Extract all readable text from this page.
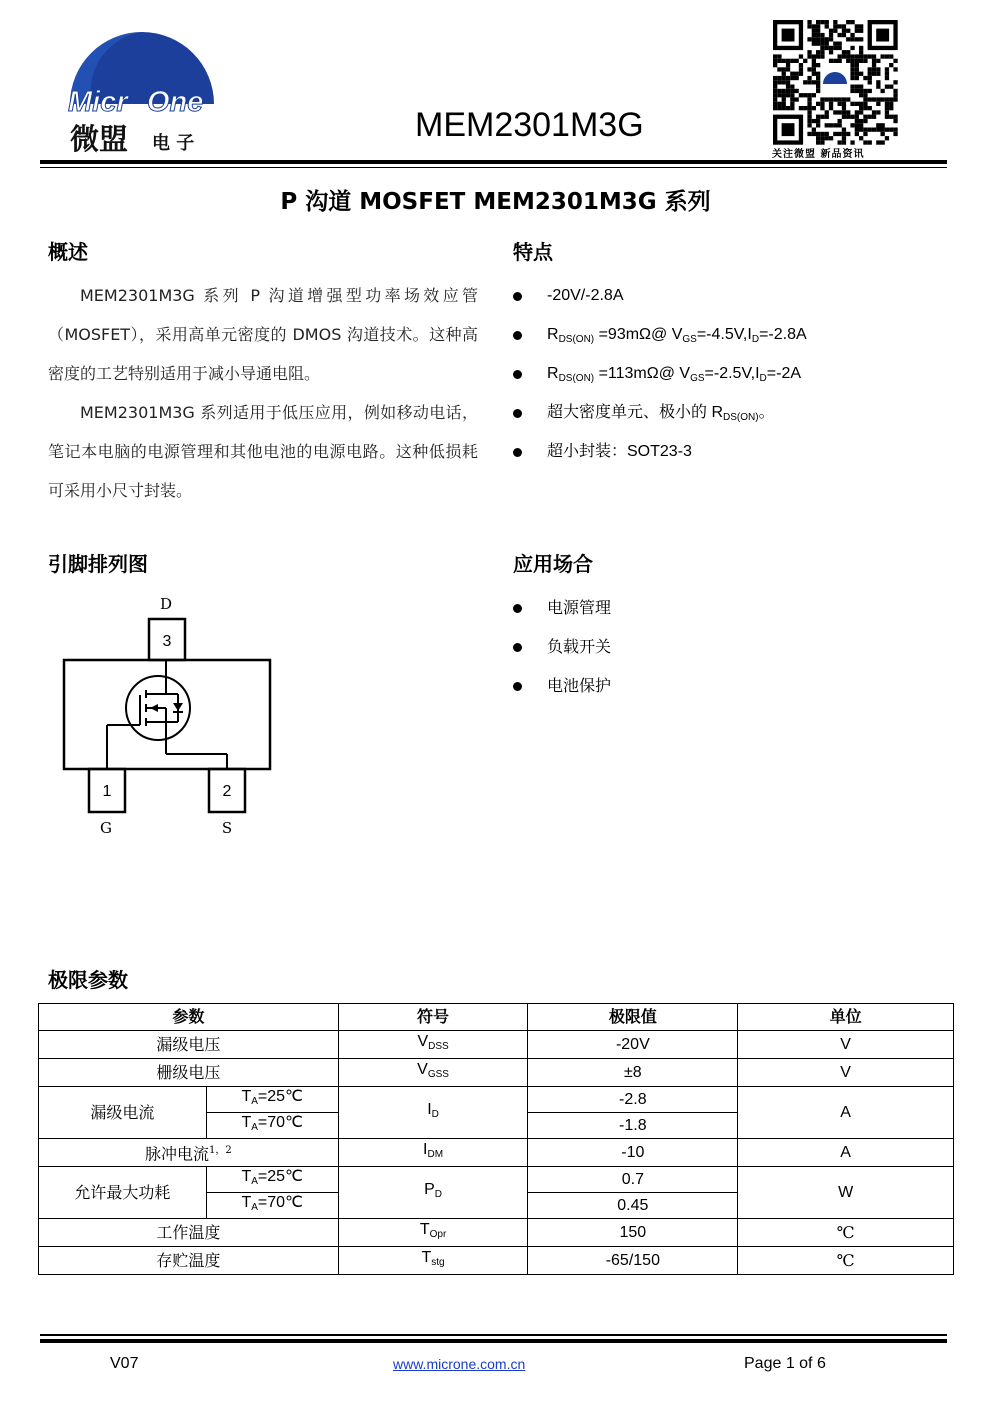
Micr One
微盟 电 子	MEM2301M3G
关注微盟 新品资讯
P 沟道 MOSFET MEM2301M3G 系列
概述

MEM2301M3G 系列 P 沟道增强型功率场效应管（MOSFET），采用高单元密度的 DMOS 沟道技术。这种高密度的工艺特别适用于减小导通电阻。

MEM2301M3G 系列适用于低压应用，例如移动电话，笔记本电脑的电源管理和其他电池的电源电路。这种低损耗可采用小尺寸封装。

特点
-20V/-2.8A
$R_{DS(ON)}$ =93mΩ@ $V_{GS}=-4.5V,I_D=-2.8A$
$R_{DS(ON)}$ =113mΩ@ $V_{GS}=-2.5V,I_D=-2A$
超大密度单元、极小的 $R_{DS(ON)}$。
超小封装：SOT23-3
引脚排列图
D
3
1	2
G	S
应用场合
电源管理
负载开关
电池保护
极限参数
参数		符号	极限值	单位
漏级电压		$V_{DSS}$	-20V	V
栅级电压		$V_{GSS}$	±8	V
漏级电流	$T_A=25℃$	$I_D$	-2.8	A
	$T_A=70℃$		-1.8	
脉冲电流$^{1,2}$		$I_{DM}$	-10	A
允许最大功耗	$T_A=25℃$	$P_D$	0.7	W
	$T_A=70℃$		0.45	
工作温度		$T_{Opr}$	150	℃
存贮温度		$T_{stg}$	-65/150	℃
V07	www.microne.com.cn	Page 1 of 6
